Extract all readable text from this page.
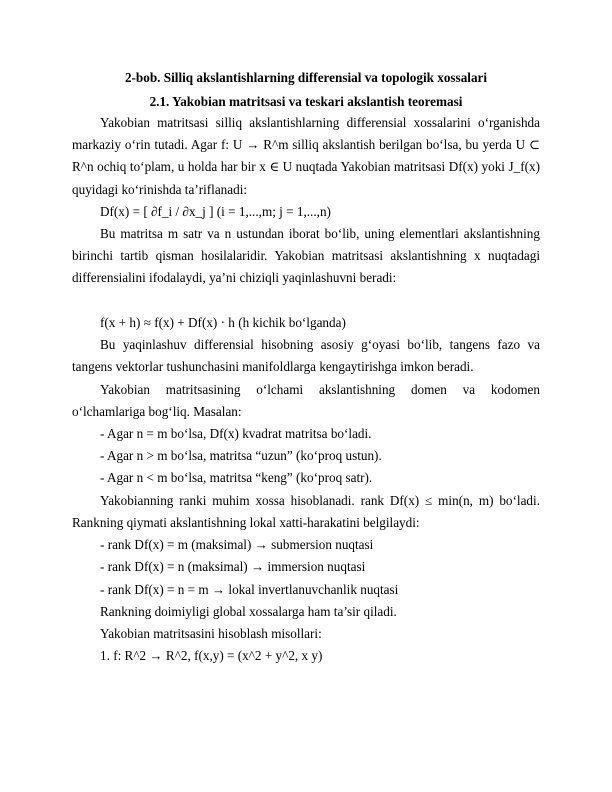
2-bob. Silliq akslantishlarning differensial va topologik xossalari
2.1. Yakobian matritsasi va teskari akslantish teoremasi

Yakobian matritsasi silliq akslantishlarning differensial xossalarini o‘rganishda markaziy o‘rin tutadi. Agar f: U → R^m silliq akslantish berilgan bo‘lsa, bu yerda U ⊂ R^n ochiq to‘plam, u holda har bir x ∈ U nuqtada Yakobian matritsasi Df(x) yoki J_f(x) quyidagi ko‘rinishda ta’riflanadi:

Df(x) = [ ∂f_i / ∂x_j ] (i = 1,...,m; j = 1,...,n)

Bu matritsa m satr va n ustundan iborat bo‘lib, uning elementlari akslantishning birinchi tartib qisman hosilalaridir. Yakobian matritsasi akslantishning x nuqtadagi differensialini ifodalaydi, ya’ni chiziqli yaqinlashuvni beradi:

f(x + h) ≈ f(x) + Df(x) · h (h kichik bo‘lganda)

Bu yaqinlashuv differensial hisobning asosiy g‘oyasi bo‘lib, tangens fazo va tangens vektorlar tushunchasini manifoldlarga kengaytirishga imkon beradi.

Yakobian matritsasining o‘lchami akslantishning domen va kodomen o‘lchamlariga bog‘liq. Masalan:

- Agar n = m bo‘lsa, Df(x) kvadrat matritsa bo‘ladi.

- Agar n > m bo‘lsa, matritsa “uzun” (ko‘proq ustun).

- Agar n < m bo‘lsa, matritsa “keng” (ko‘proq satr).

Yakobianning ranki muhim xossa hisoblanadi. rank Df(x) ≤ min(n, m) bo‘ladi. Rankning qiymati akslantishning lokal xatti-harakatini belgilaydi:

- rank Df(x) = m (maksimal) → submersion nuqtasi

- rank Df(x) = n (maksimal) → immersion nuqtasi

- rank Df(x) = n = m → lokal invertlanuvchanlik nuqtasi

Rankning doimiyligi global xossalarga ham ta’sir qiladi.

Yakobian matritsasini hisoblash misollari:

1. f: R^2 → R^2, f(x,y) = (x^2 + y^2, x y)
